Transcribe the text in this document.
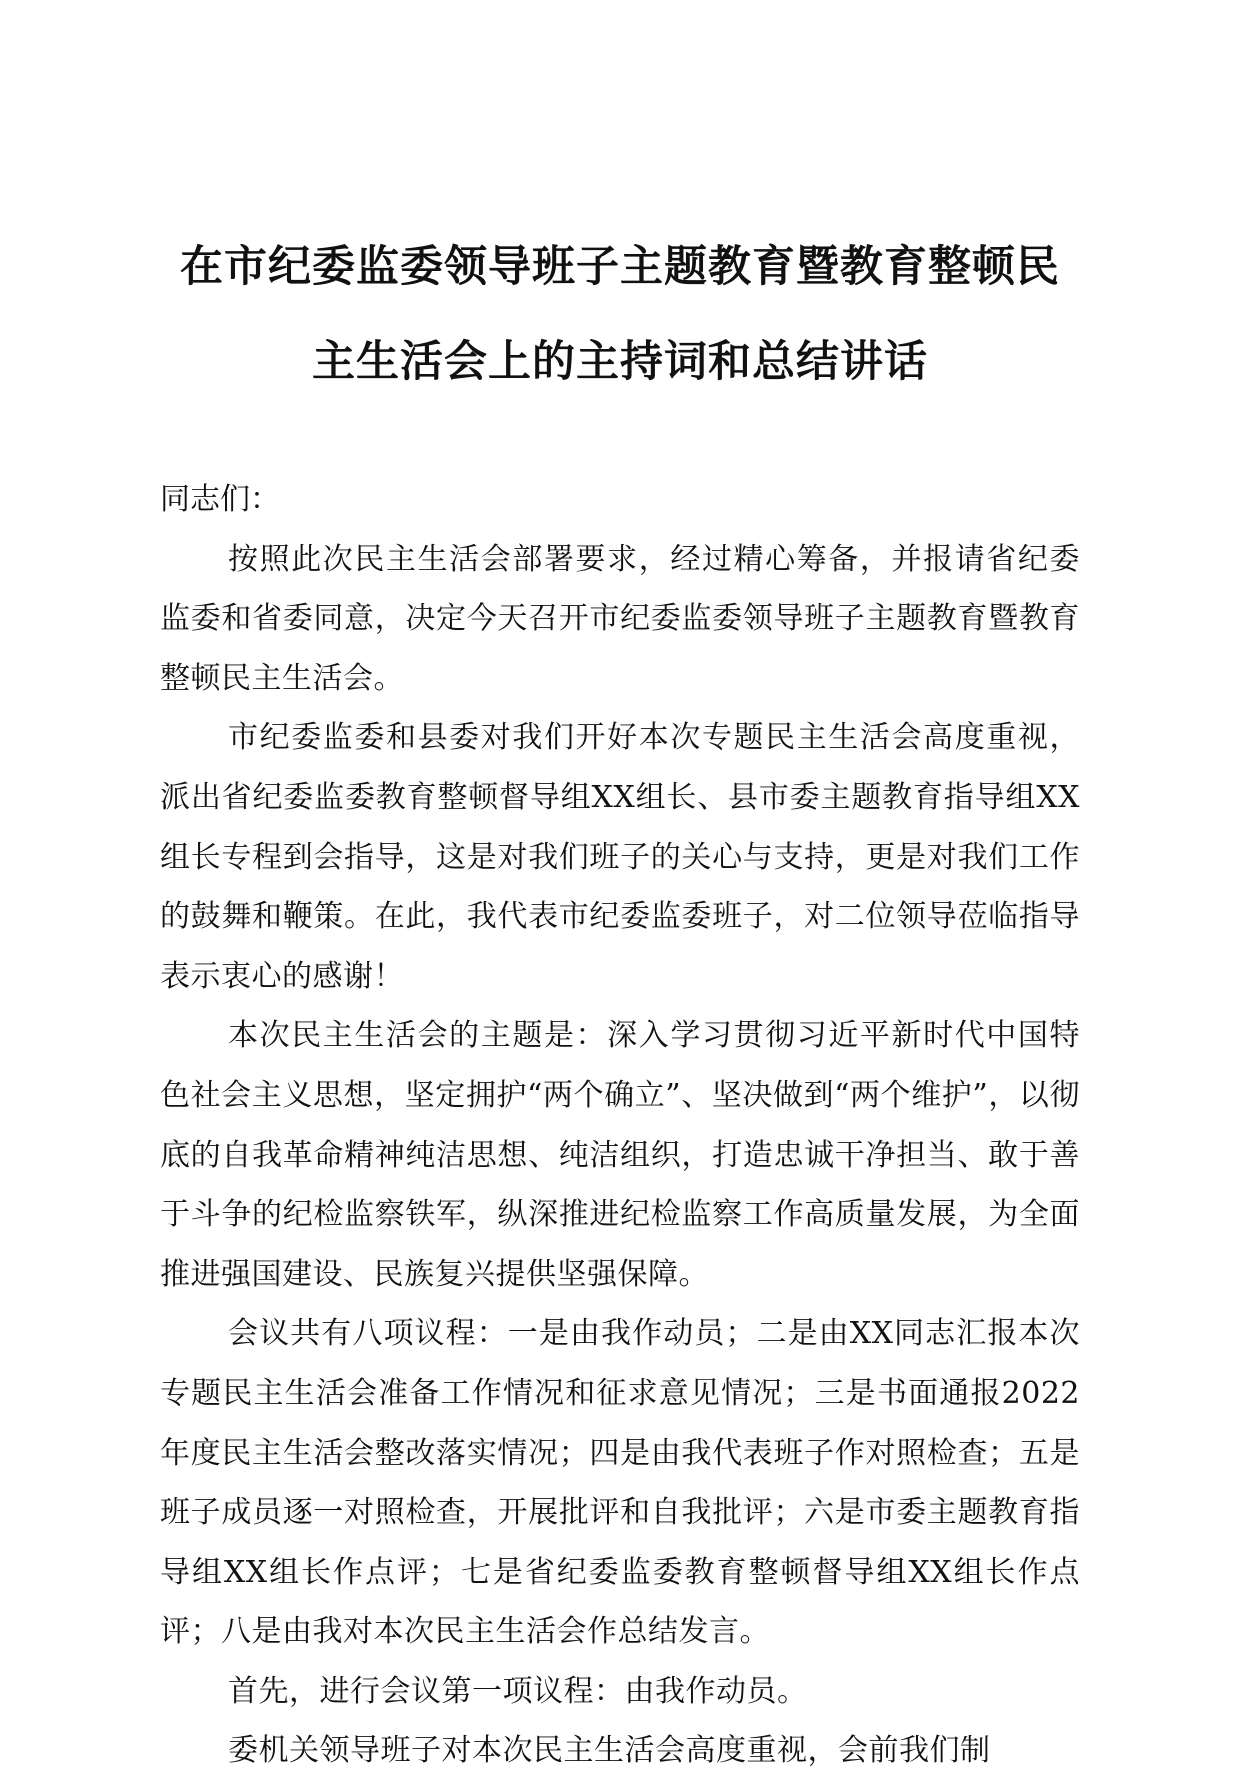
在市纪委监委领导班子主题教育暨教育整顿民
主生活会上的主持词和总结讲话

同志们：

按照此次民主生活会部署要求，经过精心筹备，并报请省纪委监委和省委同意，决定今天召开市纪委监委领导班子主题教育暨教育整顿民主生活会。

市纪委监委和县委对我们开好本次专题民主生活会高度重视，派出省纪委监委教育整顿督导组XX组长、县市委主题教育指导组XX组长专程到会指导，这是对我们班子的关心与支持，更是对我们工作的鼓舞和鞭策。在此，我代表市纪委监委班子，对二位领导莅临指导表示衷心的感谢！

本次民主生活会的主题是：深入学习贯彻习近平新时代中国特色社会主义思想，坚定拥护“两个确立”、坚决做到“两个维护”，以彻底的自我革命精神纯洁思想、纯洁组织，打造忠诚干净担当、敢于善于斗争的纪检监察铁军，纵深推进纪检监察工作高质量发展，为全面推进强国建设、民族复兴提供坚强保障。

会议共有八项议程：一是由我作动员；二是由XX同志汇报本次专题民主生活会准备工作情况和征求意见情况；三是书面通报2022年度民主生活会整改落实情况；四是由我代表班子作对照检查；五是班子成员逐一对照检查，开展批评和自我批评；六是市委主题教育指导组XX组长作点评；七是省纪委监委教育整顿督导组XX组长作点评；八是由我对本次民主生活会作总结发言。

首先，进行会议第一项议程：由我作动员。

委机关领导班子对本次民主生活会高度重视，会前我们制
